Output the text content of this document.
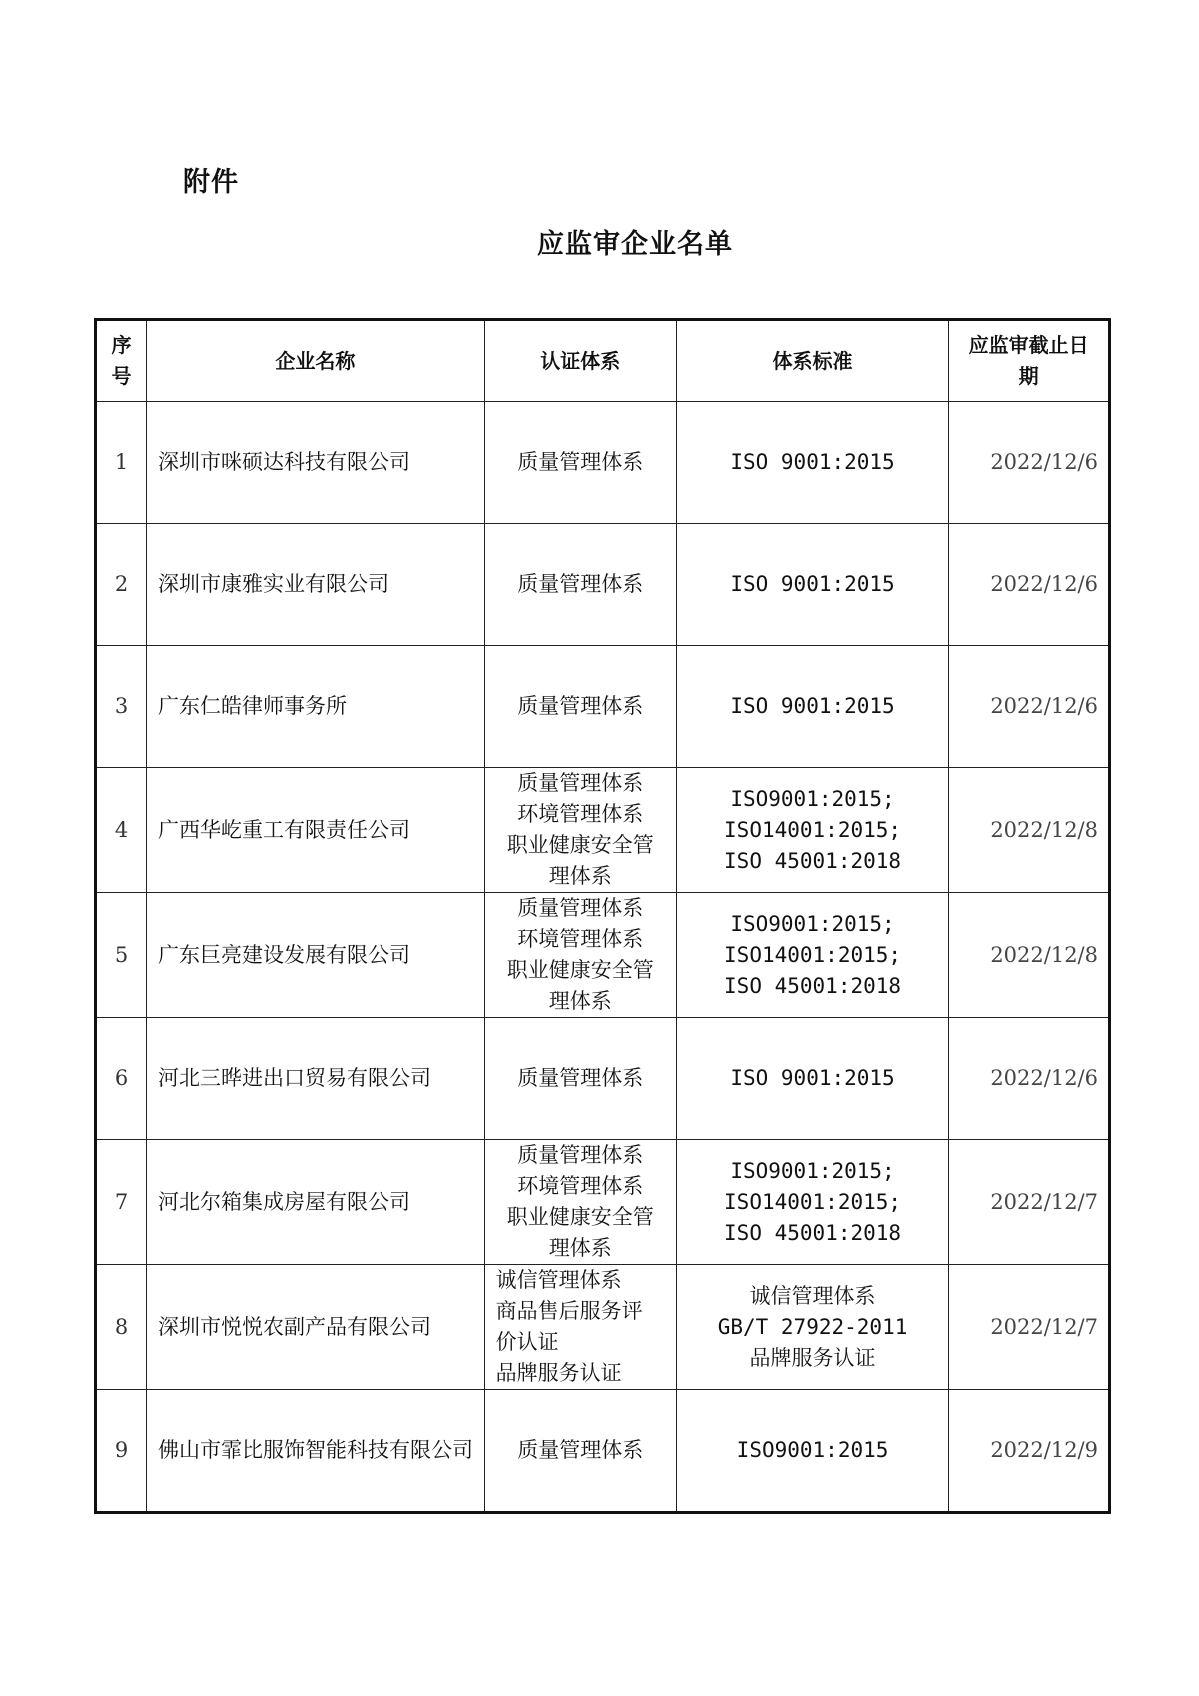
附件
应监审企业名单
序
号	企业名称	认证体系	体系标准	应监审截止日
期

1	深圳市咪硕达科技有限公司	质量管理体系	ISO 9001:2015	2022/12/6
2	深圳市康雅实业有限公司	质量管理体系	ISO 9001:2015	2022/12/6
3	广东仁皓律师事务所	质量管理体系	ISO 9001:2015	2022/12/6
4	广西华屹重工有限责任公司	质量管理体系
环境管理体系
职业健康安全管
理体系	ISO9001:2015;
ISO14001:2015;
ISO 45001:2018	2022/12/8
5	广东巨亮建设发展有限公司	质量管理体系
环境管理体系
职业健康安全管
理体系	ISO9001:2015;
ISO14001:2015;
ISO 45001:2018	2022/12/8
6	河北三晔进出口贸易有限公司	质量管理体系	ISO 9001:2015	2022/12/6
7	河北尔箱集成房屋有限公司	质量管理体系
环境管理体系
职业健康安全管
理体系	ISO9001:2015;
ISO14001:2015;
ISO 45001:2018	2022/12/7
8	深圳市悦悦农副产品有限公司	诚信管理体系
商品售后服务评
价认证
品牌服务认证	诚信管理体系
GB/T 27922-2011
品牌服务认证	2022/12/7
9	佛山市霏比服饰智能科技有限公司	质量管理体系	ISO9001:2015	2022/12/9
